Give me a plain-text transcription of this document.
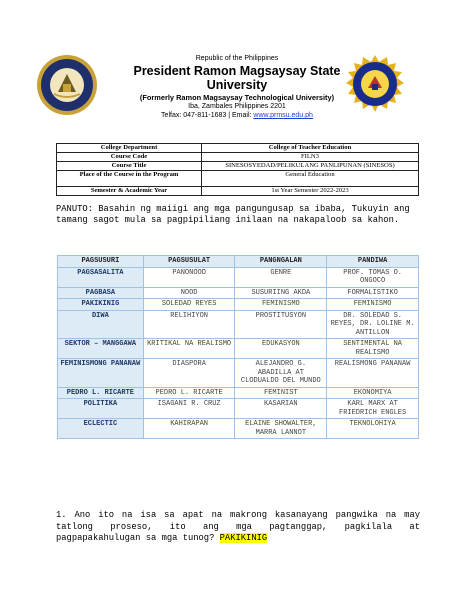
Republic of the Philippines
President Ramon Magsaysay State
University
(Formerly Ramon Magsaysay Technological University)
Iba, Zambales Philippines 2201
Telfax: 047-811-1683 | Email: www.prmsu.edu.ph
College Department	College of Teacher Education
Course Code	FILN3
Course Title	SINESOSYEDAD/PELIKULANG PANLIPUNAN (SINESOS)
Place of the Course in the Program	General Education
Semester & Academic Year	1st Year Semester 2022-2023
PANUTO: Basahin ng maiigi ang mga pangungusap sa ibaba, Tukuyin ang tamang sagot mula sa pagpipiliang inilaan na nakapaloob sa kahon.
PAGSUSURI	PAGSUSULAT	PANGNGALAN	PANDIWA
PAGSASALITA	PANONOOD	GENRE	PROF. TOMAS O. ONGOCO
PAGBASA	NOOD	SUSURIING AKDA	FORMALISTIKO
PAKIKINIG	SOLEDAD REYES	FEMINISMO	FEMINISMO
DIWA	RELIHIYON	PROSTITUSYON	DR. SOLEDAD S. REYES, DR. LOLINE M. ANTILLON
SEKTOR – MANGGAWA	KRITIKAL NA REALISMO	EDUKASYON	SENTIMENTAL NA REALISMO
FEMINISMONG PANANAW	DIASPORA	ALEJANDRO G. ABADILLA AT CLODUALDO DEL MUNDO	REALISMONG PANANAW
PEDRO L. RICARTE	PEDRO L. RICARTE	FEMINIST	EKONOMIYA
POLITIKA	ISAGANI R. CRUZ	KASARIAN	KARL MARX AT FRIEDRICH ENGLES
ECLECTIC	KAHIRAPAN	ELAINE SHOWALTER, MARRA LANNOT	TEKNOLOHIYA
1. Ano ito na isa sa apat na makrong kasanayang pangwika na may tatlong proseso, ito ang mga pagtanggap, pagkilala at pagpapakahulugan sa mga tunog? PAKIKINIG
